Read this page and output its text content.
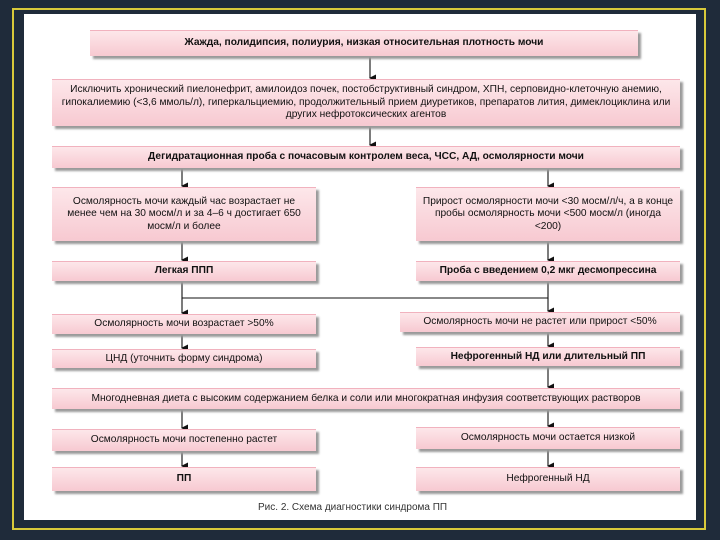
Жажда, полидипсия, полиурия, низкая относительная плотность мочи
Исключить хронический пиелонефрит, амилоидоз почек, постобструктивный синдром, ХПН, серповидно-клеточную анемию, гипокалиемию (<3,6 ммоль/л), гиперкальциемию, продолжительный прием диуретиков, препаратов лития, димеклоциклина или других нефротоксических агентов
Дегидратационная проба с почасовым контролем веса, ЧСС, АД, осмолярности мочи
Осмолярность мочи каждый час возрастает не менее чем на 30 мосм/л и за 4–6 ч достигает 650 мосм/л и более
Прирост осмолярности мочи <30 мосм/л/ч, а в конце пробы осмолярность мочи <500 мосм/л (иногда <200)
Легкая ППП	Проба с введением 0,2 мкг десмопрессина
Осмолярность мочи возрастает >50%	Осмолярность мочи не растет или прирост <50%
ЦНД (уточнить форму синдрома)	Нефрогенный НД или длительный ПП
Многодневная диета с высоким содержанием белка и соли или многократная инфузия соответствующих растворов
Осмолярность мочи постепенно растет	Осмолярность мочи остается низкой
ПП	Нефрогенный НД
Рис. 2. Схема диагностики синдрома ПП
